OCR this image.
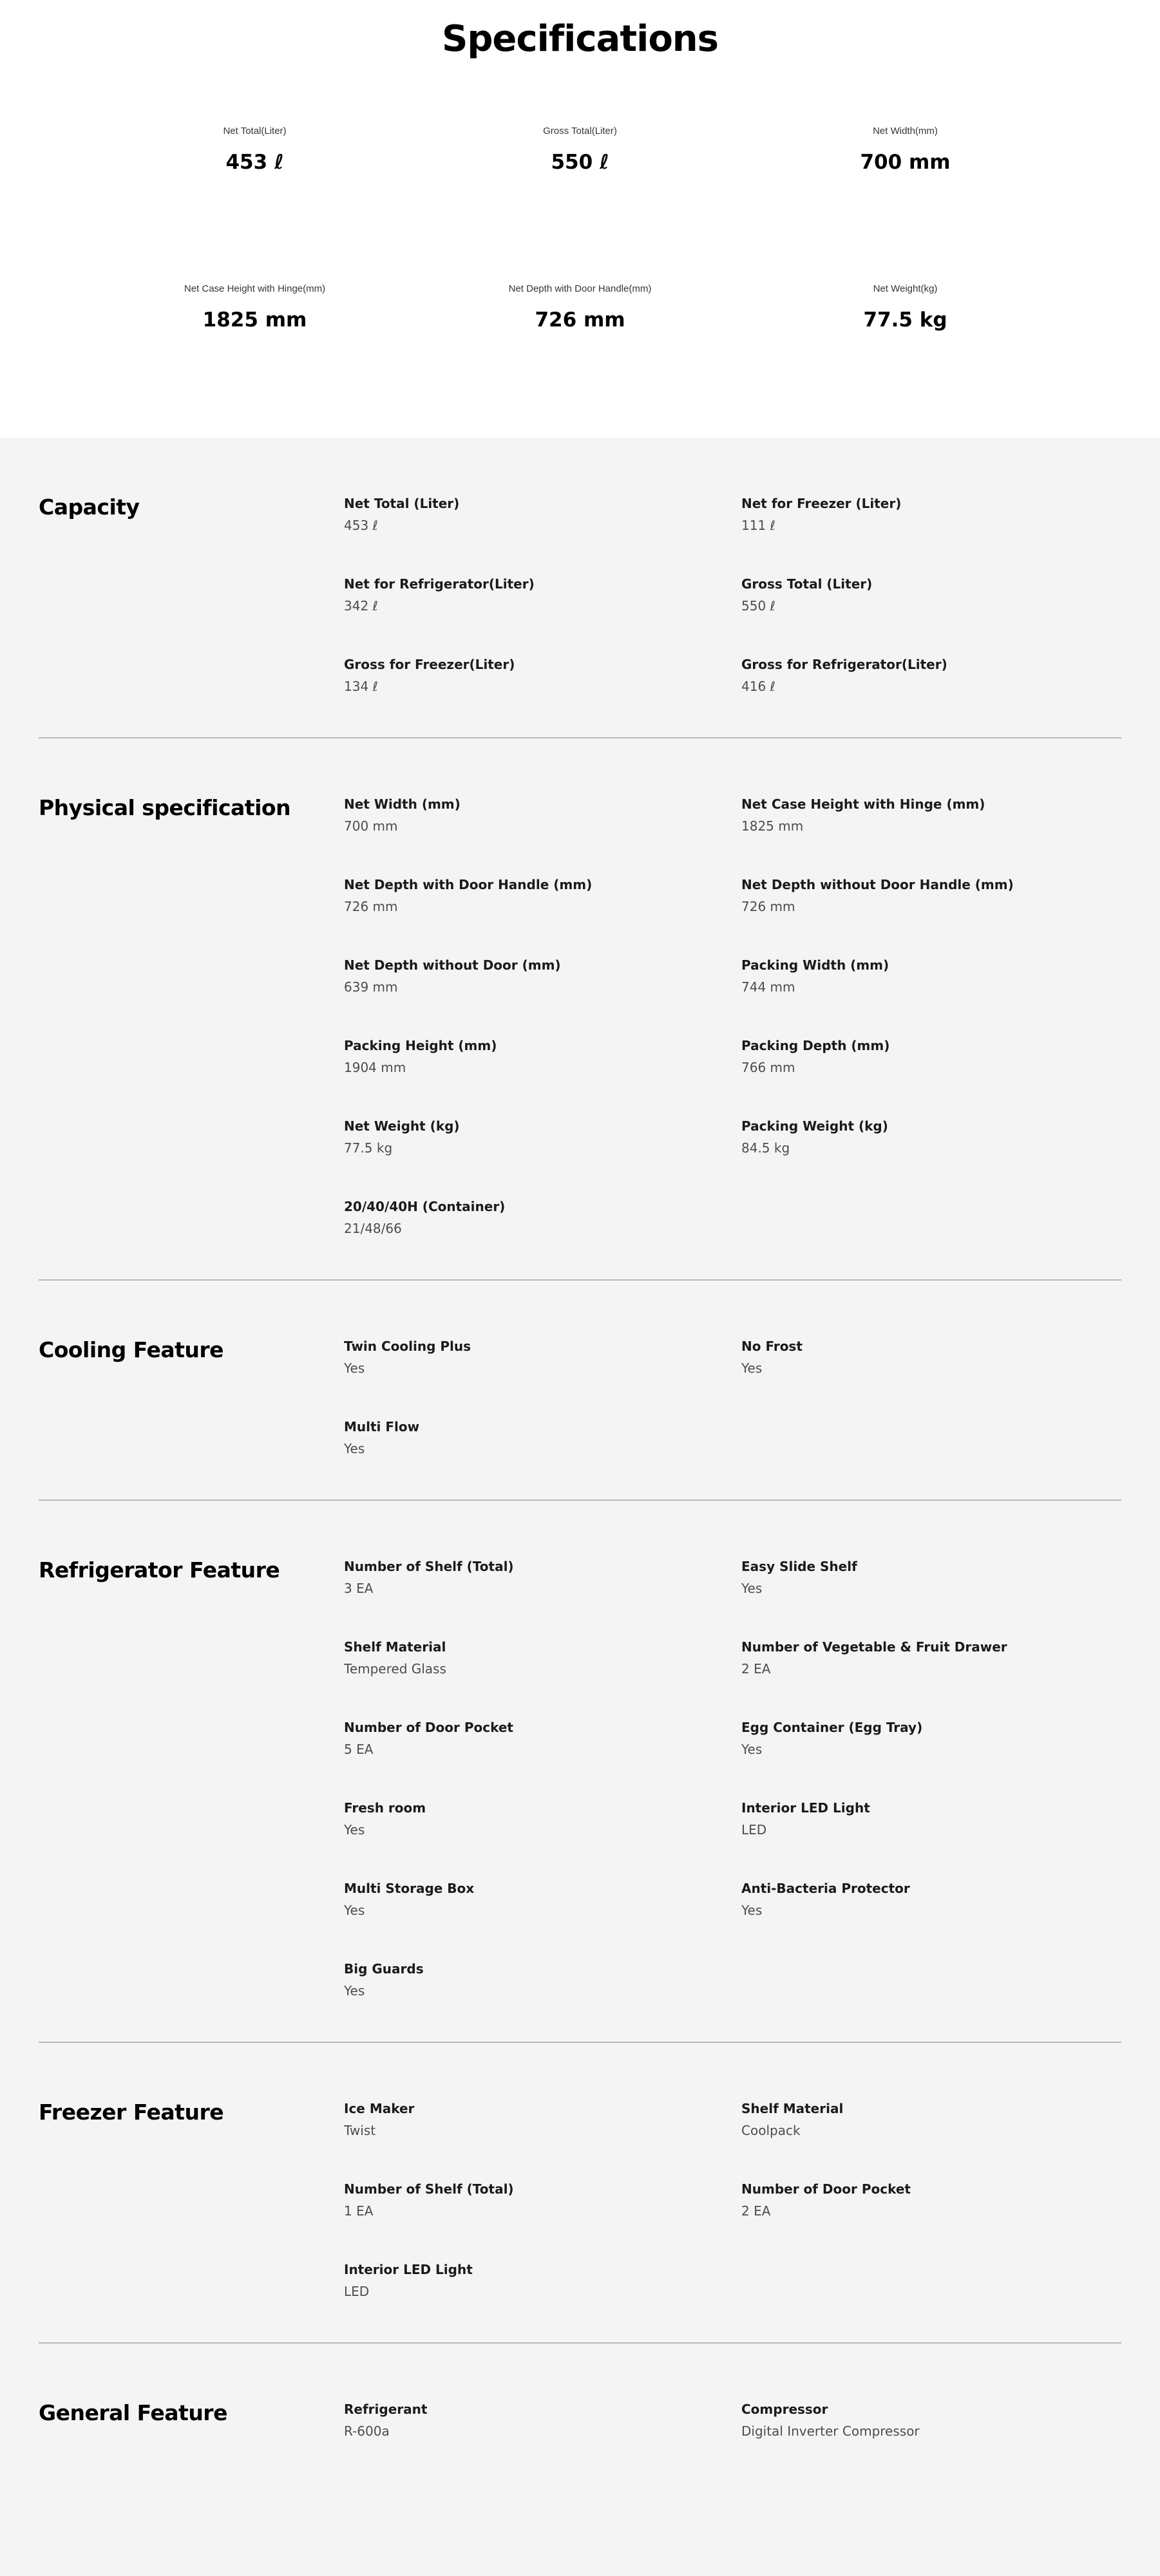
Specifications
Net Total(Liter)
453 ℓ
Gross Total(Liter)
550 ℓ
Net Width(mm)
700 mm
Net Case Height with Hinge(mm)
1825 mm
Net Depth with Door Handle(mm)
726 mm
Net Weight(kg)
77.5 kg
Capacity	Net Total (Liter)
453 ℓ
Net for Freezer (Liter)
111 ℓ
Net for Refrigerator(Liter)
342 ℓ
Gross Total (Liter)
550 ℓ
Gross for Freezer(Liter)
134 ℓ
Gross for Refrigerator(Liter)
416 ℓ
Physical specification	Net Width (mm)
700 mm
Net Case Height with Hinge (mm)
1825 mm
Net Depth with Door Handle (mm)
726 mm
Net Depth without Door Handle (mm)
726 mm
Net Depth without Door (mm)
639 mm
Packing Width (mm)
744 mm
Packing Height (mm)
1904 mm
Packing Depth (mm)
766 mm
Net Weight (kg)
77.5 kg
Packing Weight (kg)
84.5 kg
20/40/40H (Container)
21/48/66
Cooling Feature	Twin Cooling Plus
Yes
No Frost
Yes
Multi Flow
Yes
Refrigerator Feature	Number of Shelf (Total)
3 EA
Easy Slide Shelf
Yes
Shelf Material
Tempered Glass
Number of Vegetable & Fruit Drawer
2 EA
Number of Door Pocket
5 EA
Egg Container (Egg Tray)
Yes
Fresh room
Yes
Interior LED Light
LED
Multi Storage Box
Yes
Anti-Bacteria Protector
Yes
Big Guards
Yes
Freezer Feature	Ice Maker
Twist
Shelf Material
Coolpack
Number of Shelf (Total)
1 EA
Number of Door Pocket
2 EA
Interior LED Light
LED
General Feature	Refrigerant
R-600a
Compressor
Digital Inverter Compressor
